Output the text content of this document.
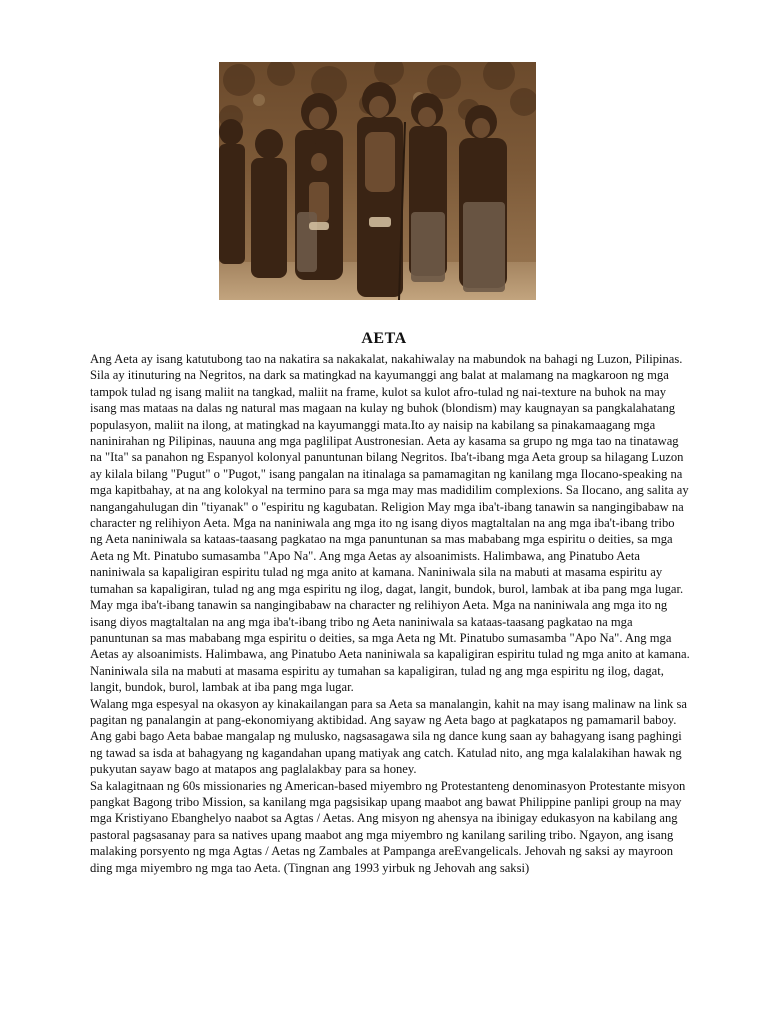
AETA

Ang Aeta ay isang katutubong tao na nakatira sa nakakalat, nakahiwalay na mabundok na bahagi ng Luzon, Pilipinas. Sila ay itinuturing na Negritos, na dark sa matingkad na kayumanggi ang balat at malamang na magkaroon ng mga tampok tulad ng isang maliit na tangkad, maliit na frame, kulot sa kulot afro-tulad ng nai-texture na buhok na may isang mas mataas na dalas ng natural mas magaan na kulay ng buhok (blondism) may kaugnayan sa pangkalahatang populasyon, maliit na ilong, at matingkad na kayumanggi mata.Ito ay naisip na kabilang sa pinakamaagang mga naninirahan ng Pilipinas, nauuna ang mga paglilipat Austronesian. Aeta ay kasama sa grupo ng mga tao na tinatawag na "Ita" sa panahon ng Espanyol kolonyal panuntunan bilang Negritos. Iba't-ibang mga Aeta group sa hilagang Luzon ay kilala bilang "Pugut" o "Pugot," isang pangalan na itinalaga sa pamamagitan ng kanilang mga Ilocano-speaking na mga kapitbahay, at na ang kolokyal na termino para sa mga may mas madidilim complexions. Sa Ilocano, ang salita ay nangangahulugan din "tiyanak" o "espiritu ng kagubatan. Religion May mga iba't-ibang tanawin sa nangingibabaw na character ng relihiyon Aeta. Mga na naniniwala ang mga ito ng isang diyos magtaltalan na ang mga iba't-ibang tribo ng Aeta naniniwala sa kataas-taasang pagkatao na mga panuntunan sa mas mababang mga espiritu o deities, sa mga Aeta ng Mt. Pinatubo sumasamba "Apo Na". Ang mga Aetas ay alsoanimists. Halimbawa, ang Pinatubo Aeta naniniwala sa kapaligiran espiritu tulad ng mga anito at kamana. Naniniwala sila na mabuti at masama espiritu ay tumahan sa kapaligiran, tulad ng ang mga espiritu ng ilog, dagat, langit, bundok, burol, lambak at iba pang mga lugar.

May mga iba't-ibang tanawin sa nangingibabaw na character ng relihiyon Aeta. Mga na naniniwala ang mga ito ng isang diyos magtaltalan na ang mga iba't-ibang tribo ng Aeta naniniwala sa kataas-taasang pagkatao na mga panuntunan sa mas mababang mga espiritu o deities, sa mga Aeta ng Mt. Pinatubo sumasamba "Apo Na". Ang mga Aetas ay alsoanimists. Halimbawa, ang Pinatubo Aeta naniniwala sa kapaligiran espiritu tulad ng mga anito at kamana. Naniniwala sila na mabuti at masama espiritu ay tumahan sa kapaligiran, tulad ng ang mga espiritu ng ilog, dagat, langit, bundok, burol, lambak at iba pang mga lugar.

Walang mga espesyal na okasyon ay kinakailangan para sa Aeta sa manalangin, kahit na may isang malinaw na link sa pagitan ng panalangin at pang-ekonomiyang aktibidad. Ang sayaw ng Aeta bago at pagkatapos ng pamamaril baboy. Ang gabi bago Aeta babae mangalap ng mulusko, nagsasagawa sila ng dance kung saan ay bahagyang isang paghingi ng tawad sa isda at bahagyang ng kagandahan upang matiyak ang catch. Katulad nito, ang mga kalalakihan hawak ng pukyutan sayaw bago at matapos ang paglalakbay para sa honey.

Sa kalagitnaan ng 60s missionaries ng American-based miyembro ng Protestanteng denominasyon Protestante misyon pangkat Bagong tribo Mission, sa kanilang mga pagsisikap upang maabot ang bawat Philippine panlipi group na may mga Kristiyano Ebanghelyo naabot sa Agtas / Aetas. Ang misyon ng ahensya na ibinigay edukasyon na kabilang ang pastoral pagsasanay para sa natives upang maabot ang mga miyembro ng kanilang sariling tribo. Ngayon, ang isang malaking porsyento ng mga Agtas / Aetas ng Zambales at Pampanga areEvangelicals. Jehovah ng saksi ay mayroon ding mga miyembro ng mga tao Aeta. (Tingnan ang 1993 yirbuk ng Jehovah ang saksi)
